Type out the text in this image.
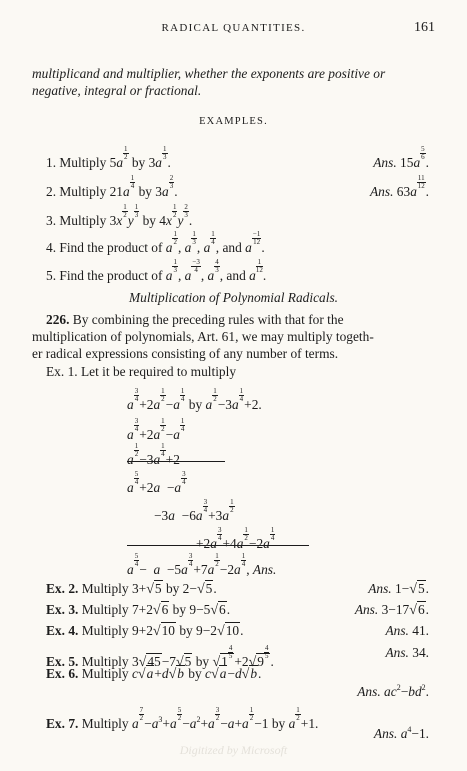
RADICAL QUANTITIES.	161
multiplicand and multiplier, whether the exponents are positive or
negative, integral or fractional.
EXAMPLES.
1. Multiply 5a
$\frac{1}{2}$
by 3a
$\frac{1}{3}$
.	Ans. 15a
$\frac{5}{6}$
.
2. Multiply 21a
$\frac{1}{4}$
by 3a
$\frac{2}{3}$
.	Ans. 63a
$\frac{11}{12}$
.
3. Multiply 3x
$\frac{1}{2}$
y
$\frac{1}{3}$
by 4x
$\frac{1}{2}$
y
$\frac{2}{3}$
.
4. Find the product of a
$\frac{1}{2}$
, a
$\frac{1}{3}$
, a
$\frac{1}{4}$
, and a
$\frac{-1}{12}$
.
5. Find the product of a
$\frac{1}{3}$
, a
$\frac{-3}{4}$
, a
$\frac{4}{3}$
, and a
$\frac{1}{12}$
.
Multiplication of Polynomial Radicals.
226. By combining the preceding rules with that for the
multiplication of polynomials, Art. 61, we may multiply togeth-
er radical expressions consisting of any number of terms.
Ex. 1. Let it be required to multiply
a
$\frac{3}{4}$
+2a
$\frac{1}{2}$
−a
$\frac{1}{4}$
by a
$\frac{1}{2}$
−3a
$\frac{1}{4}$
+2.
a
$\frac{3}{4}$
+2a
$\frac{1}{2}$
−a
$\frac{1}{4}$
a
$\frac{1}{2}$
−3a
$\frac{1}{4}$
+2
a
$\frac{5}{4}$
+2a  −a
$\frac{3}{4}$
−3a  −6a
$\frac{3}{4}$
+3a
$\frac{1}{2}$
+2a
$\frac{3}{4}$
+4a
$\frac{1}{2}$
−2a
$\frac{1}{4}$
a
$\frac{5}{4}$
−  a  −5a
$\frac{3}{4}$
+7a
$\frac{1}{2}$
−2a
$\frac{1}{4}$
, Ans.
Ex. 2. Multiply 3+√5 by 2−√5.	Ans. 1−√5.
Ex. 3. Multiply 7+2√6 by 9−5√6.	Ans. 3−17√6.
Ex. 4. Multiply 9+2√10 by 9−2√10.	Ans. 41.
Ex. 5. Multiply 3√45−7√5 by √1
$\frac{4}{5}$
+2√9
$\frac{4}{5}$
.
Ans. 34.
Ex. 6. Multiply c√a+d√b by c√a−d√b.
Ans. $ac^2-bd^2$.
Ex. 7. Multiply a
$\frac{7}{2}$
$-a^3+a$
$\frac{5}{2}$
$-a^2+a$
$\frac{3}{2}$
−a+a
$\frac{1}{2}$
−1 by a
$\frac{1}{2}$
+1.
Ans. $a^4-1$.
Digitized by Microsoft
